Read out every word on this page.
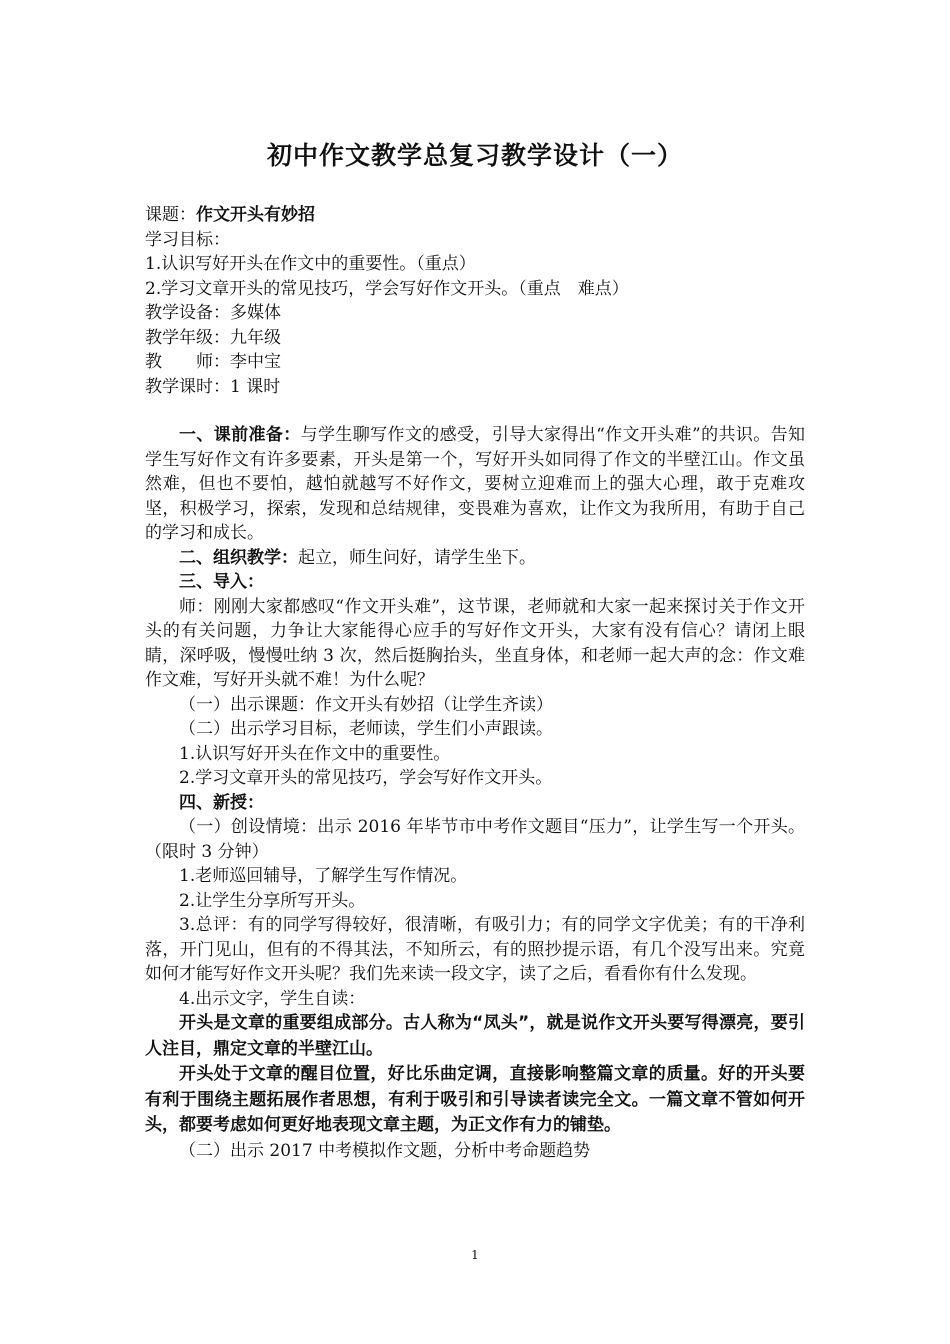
初中作文教学总复习教学设计（一）

课题：作文开头有妙招

学习目标：

1.认识写好开头在作文中的重要性。（重点）

2.学习文章开头的常见技巧，学会写好作文开头。（重点　难点）

教学设备：多媒体

教学年级：九年级

教　　师：李中宝

教学课时：1 课时

一、课前准备：与学生聊写作文的感受，引导大家得出“作文开头难”的共识。告知学生写好作文有许多要素，开头是第一个，写好开头如同得了作文的半壁江山。作文虽然难，但也不要怕，越怕就越写不好作文，要树立迎难而上的强大心理，敢于克难攻坚，积极学习，探索，发现和总结规律，变畏难为喜欢，让作文为我所用，有助于自己的学习和成长。

二、组织教学：起立，师生问好，请学生坐下。

三、导入：

师：刚刚大家都感叹“作文开头难”，这节课，老师就和大家一起来探讨关于作文开头的有关问题，力争让大家能得心应手的写好作文开头，大家有没有信心？请闭上眼睛，深呼吸，慢慢吐纳 3 次，然后挺胸抬头，坐直身体，和老师一起大声的念：作文难作文难，写好开头就不难！为什么呢？

（一）出示课题：作文开头有妙招（让学生齐读）

（二）出示学习目标，老师读，学生们小声跟读。

1.认识写好开头在作文中的重要性。

2.学习文章开头的常见技巧，学会写好作文开头。

四、新授：

（一）创设情境：出示 2016 年毕节市中考作文题目“压力”，让学生写一个开头。（限时 3 分钟）

1.老师巡回辅导，了解学生写作情况。

2.让学生分享所写开头。

3.总评：有的同学写得较好，很清晰，有吸引力；有的同学文字优美；有的干净利落，开门见山，但有的不得其法，不知所云，有的照抄提示语，有几个没写出来。究竟如何才能写好作文开头呢？我们先来读一段文字，读了之后，看看你有什么发现。

4.出示文字，学生自读：

开头是文章的重要组成部分。古人称为“凤头”，就是说作文开头要写得漂亮，要引人注目，鼎定文章的半壁江山。

开头处于文章的醒目位置，好比乐曲定调，直接影响整篇文章的质量。好的开头要有利于围绕主题拓展作者思想，有利于吸引和引导读者读完全文。一篇文章不管如何开头，都要考虑如何更好地表现文章主题，为正文作有力的铺垫。

（二）出示 2017 中考模拟作文题，分析中考命题趋势

1
